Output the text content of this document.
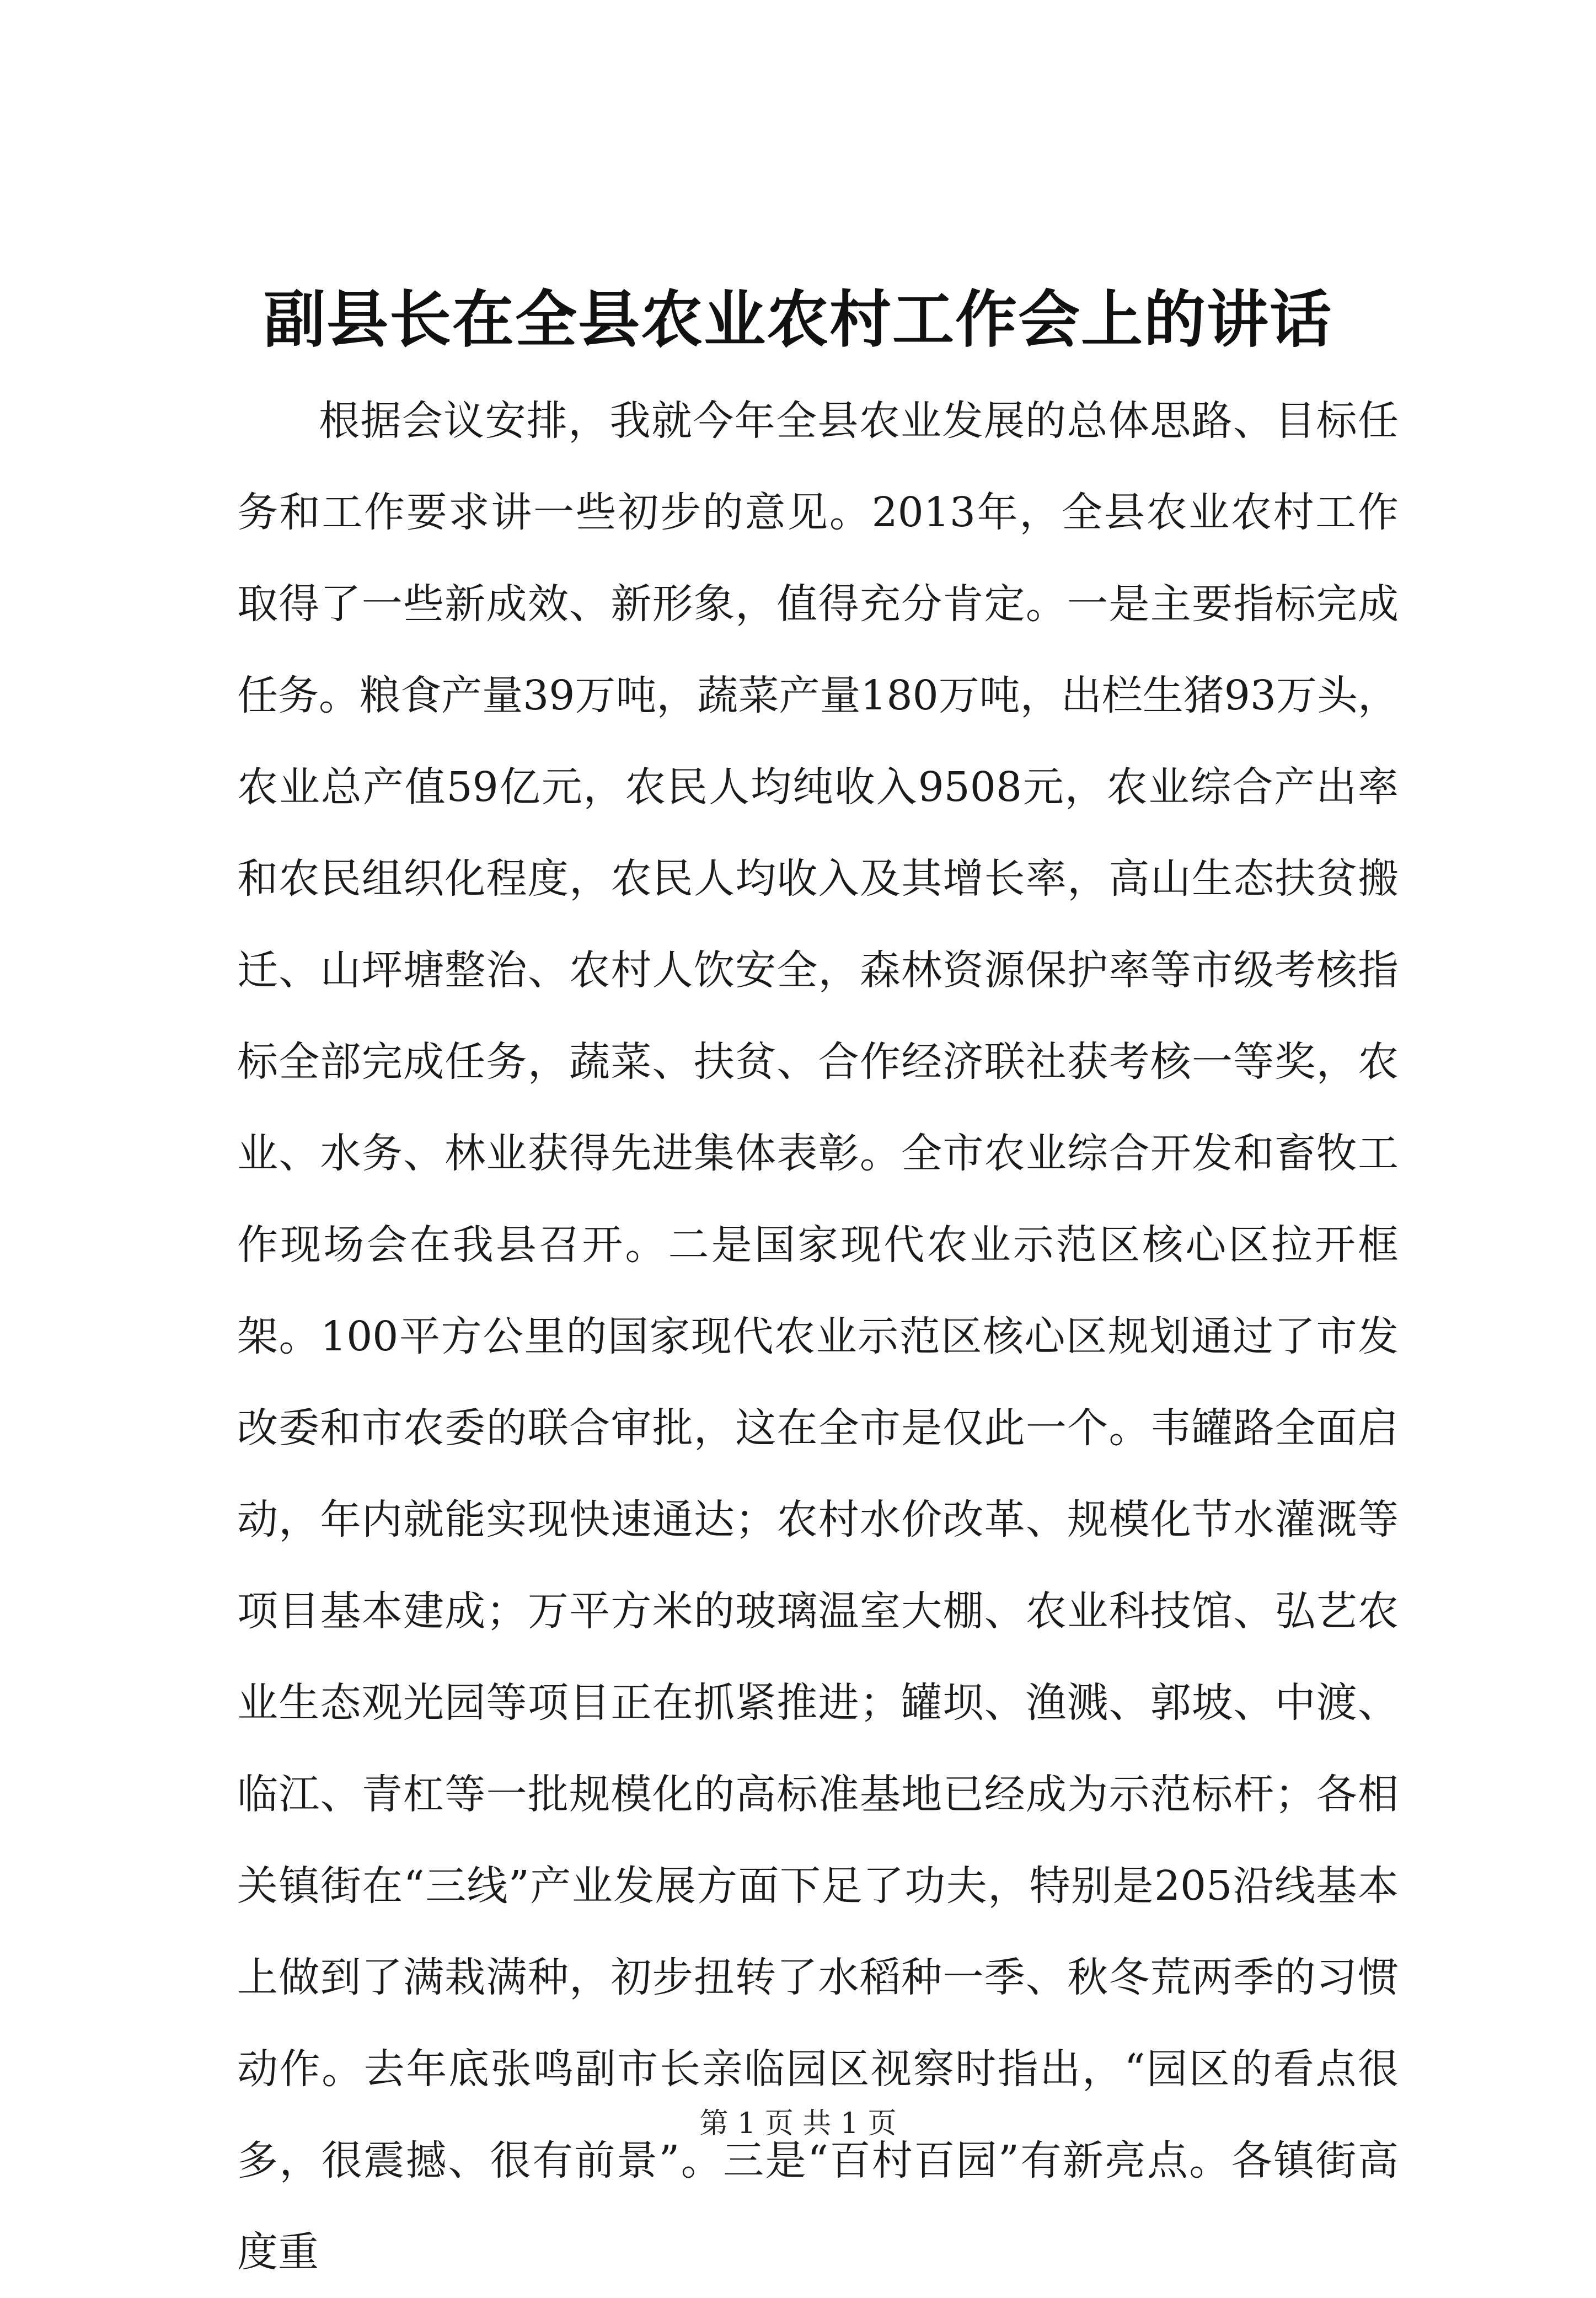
副县长在全县农业农村工作会上的讲话

根据会议安排，我就今年全县农业发展的总体思路、目标任务和工作要求讲一些初步的意见。2013年，全县农业农村工作取得了一些新成效、新形象，值得充分肯定。一是主要指标完成任务。粮食产量39万吨，蔬菜产量180万吨，出栏生猪93万头，农业总产值59亿元，农民人均纯收入9508元，农业综合产出率和农民组织化程度，农民人均收入及其增长率，高山生态扶贫搬迁、山坪塘整治、农村人饮安全，森林资源保护率等市级考核指标全部完成任务，蔬菜、扶贫、合作经济联社获考核一等奖，农业、水务、林业获得先进集体表彰。全市农业综合开发和畜牧工作现场会在我县召开。二是国家现代农业示范区核心区拉开框架。100平方公里的国家现代农业示范区核心区规划通过了市发改委和市农委的联合审批，这在全市是仅此一个。韦罐路全面启动，年内就能实现快速通达；农村水价改革、规模化节水灌溉等项目基本建成；万平方米的玻璃温室大棚、农业科技馆、弘艺农业生态观光园等项目正在抓紧推进；罐坝、渔溅、郭坡、中渡、临江、青杠等一批规模化的高标准基地已经成为示范标杆；各相关镇街在“三线”产业发展方面下足了功夫，特别是205沿线基本上做到了满栽满种，初步扭转了水稻种一季、秋冬荒两季的习惯动作。去年底张鸣副市长亲临园区视察时指出，“园区的看点很多，很震撼、很有前景”。三是“百村百园”有新亮点。各镇街高度重

第 1 页 共 1 页
